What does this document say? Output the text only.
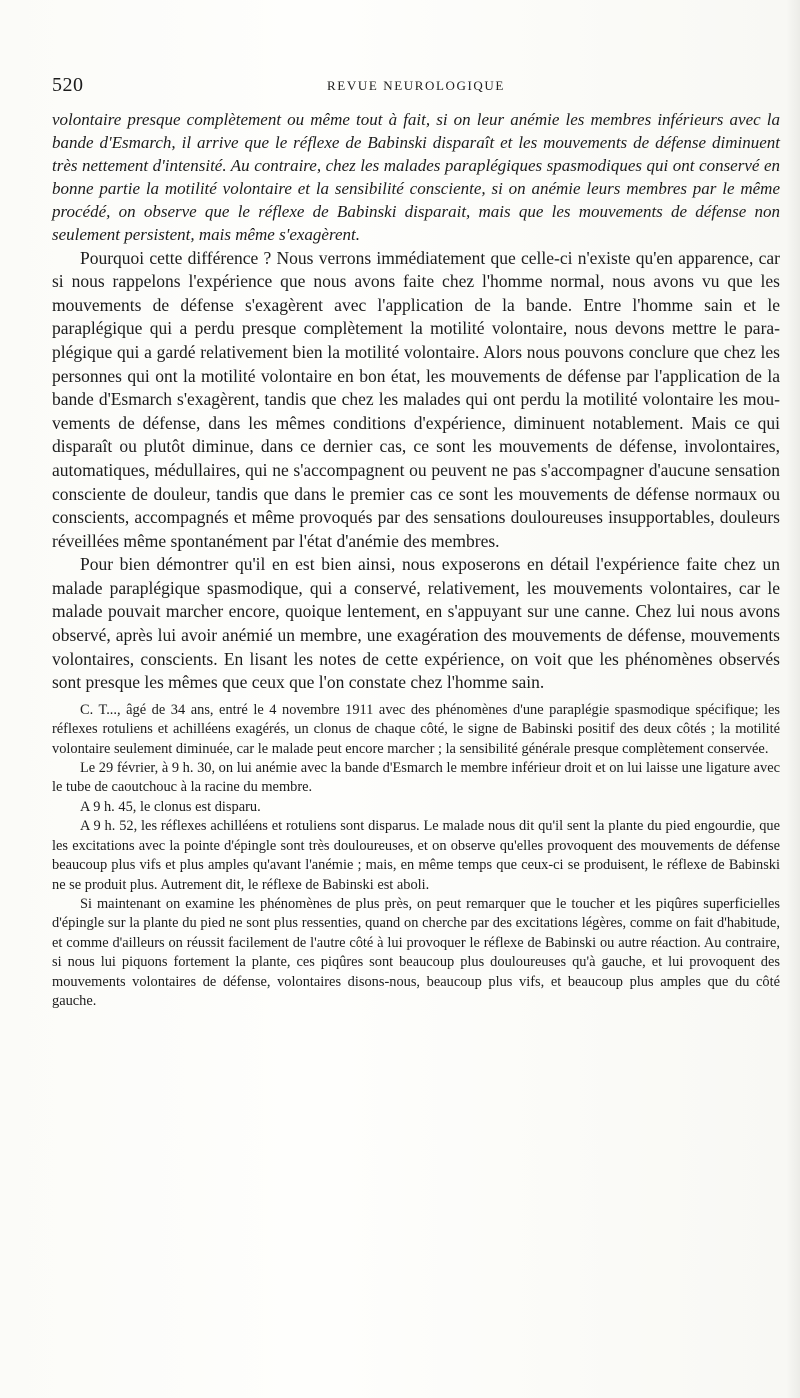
520	REVUE NEUROLOGIQUE

volontaire presque complètement ou même tout à fait, si on leur anémie les membres inférieurs avec la bande d'Esmarch, il arrive que le réflexe de Babinski disparaît et les mouvements de défense diminuent très nettement d'intensité. Au contraire, chez les malades paraplégiques spasmodiques qui ont conservé en bonne partie la motilité volontaire et la sensibilité consciente, si on anémie leurs membres par le même procédé, on observe que le réflexe de Babinski disparait, mais que les mouvements de défense non seulement persistent, mais même s'exagèrent.

Pourquoi cette différence ? Nous verrons immédiatement que celle-ci n'existe qu'en apparence, car si nous rappelons l'expérience que nous avons faite chez l'homme normal, nous avons vu que les mouvements de défense s'exagèrent avec l'application de la bande. Entre l'homme sain et le paraplégique qui a perdu presque complètement la motilité volontaire, nous devons mettre le paraplégique qui a gardé relativement bien la motilité volontaire. Alors nous pouvons conclure que chez les personnes qui ont la motilité volontaire en bon état, les mouvements de défense par l'application de la bande d'Esmarch s'exagèrent, tandis que chez les malades qui ont perdu la motilité volontaire les mouvements de défense, dans les mêmes conditions d'expérience, diminuent notablement. Mais ce qui disparaît ou plutôt diminue, dans ce dernier cas, ce sont les mouvements de défense, involontaires, automatiques, médullaires, qui ne s'accompagnent ou peuvent ne pas s'accompagner d'aucune sensation consciente de douleur, tandis que dans le premier cas ce sont les mouvements de défense normaux ou conscients, accompagnés et même provoqués par des sensations douloureuses insupportables, douleurs réveillées même spontanément par l'état d'anémie des membres.

Pour bien démontrer qu'il en est bien ainsi, nous exposerons en détail l'expérience faite chez un malade paraplégique spasmodique, qui a conservé, relativement, les mouvements volontaires, car le malade pouvait marcher encore, quoique lentement, en s'appuyant sur une canne. Chez lui nous avons observé, après lui avoir anémié un membre, une exagération des mouvements de défense, mouvements volontaires, conscients. En lisant les notes de cette expérience, on voit que les phénomènes observés sont presque les mêmes que ceux que l'on constate chez l'homme sain.

C. T..., âgé de 34 ans, entré le 4 novembre 1911 avec des phénomènes d'une paraplégie spasmodique spécifique; les réflexes rotuliens et achilléens exagérés, un clonus de chaque côté, le signe de Babinski positif des deux côtés ; la motilité volontaire seulement diminuée, car le malade peut encore marcher ; la sensibilité générale presque complètement conservée.

Le 29 février, à 9 h. 30, on lui anémie avec la bande d'Esmarch le membre inférieur droit et on lui laisse une ligature avec le tube de caoutchouc à la racine du membre.

A 9 h. 45, le clonus est disparu.

A 9 h. 52, les réflexes achilléens et rotuliens sont disparus. Le malade nous dit qu'il sent la plante du pied engourdie, que les excitations avec la pointe d'épingle sont très douloureuses, et on observe qu'elles provoquent des mouvements de défense beaucoup plus vifs et plus amples qu'avant l'anémie ; mais, en même temps que ceux-ci se produisent, le réflexe de Babinski ne se produit plus. Autrement dit, le réflexe de Babinski est aboli.

Si maintenant on examine les phénomènes de plus près, on peut remarquer que le toucher et les piqûres superficielles d'épingle sur la plante du pied ne sont plus ressenties, quand on cherche par des excitations légères, comme on fait d'habitude, et comme d'ailleurs on réussit facilement de l'autre côté à lui provoquer le réflexe de Babinski ou autre réaction. Au contraire, si nous lui piquons fortement la plante, ces piqûres sont beaucoup plus douloureuses qu'à gauche, et lui provoquent des mouvements volontaires de défense, volontaires disons-nous, beaucoup plus vifs, et beaucoup plus amples que du côté gauche.
